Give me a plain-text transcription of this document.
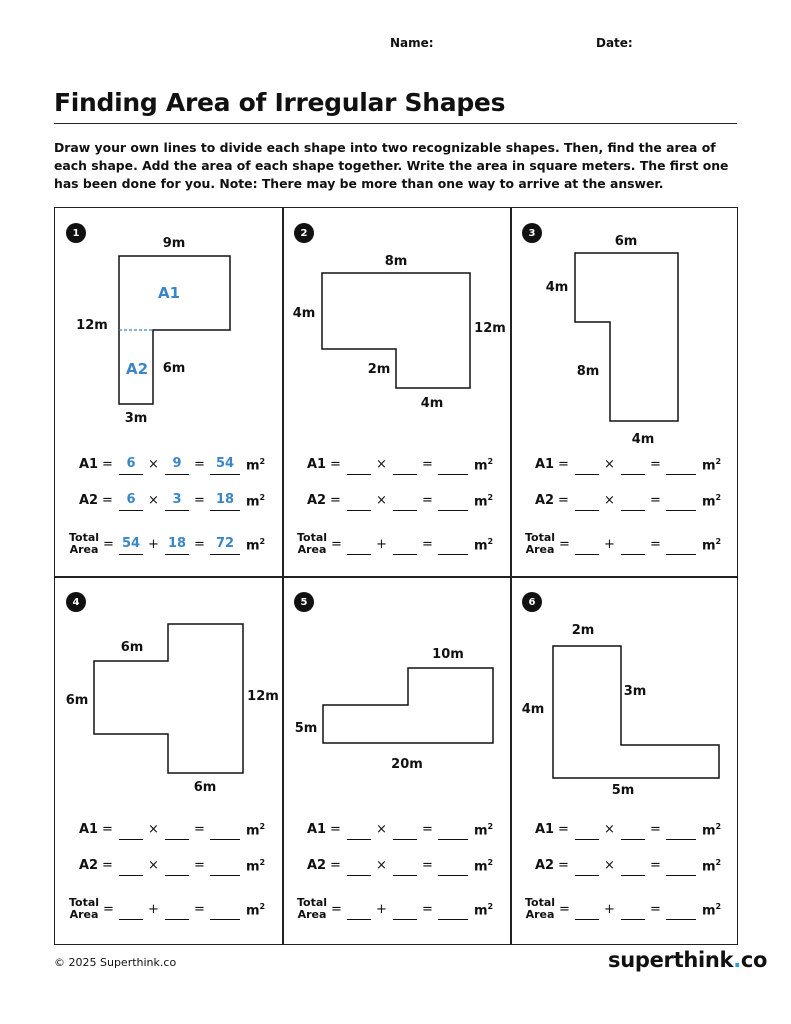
Name:	Date:
Finding Area of Irregular Shapes
Draw your own lines to divide each shape into two recognizable shapes. Then, find the area of each shape. Add the area of each shape together. Write the area in square meters. The first one has been done for you. Note: There may be more than one way to arrive at the answer.
1
9m
12m
6m
3m
A1
A2
A1 =	6 ×	9 = 54 $m^2$
A2 =	6 ×	3 = 18 $m^2$
Total
Area = 54 + 18 = 72 $m^2$
2
8m
4m
12m
2m
4m
A1 =	×	=	$m^2$
A2 =	×	=	$m^2$
Total
Area =	+	=	$m^2$
3
6m
4m
8m
4m
A1 =	×	=	$m^2$
A2 =	×	=	$m^2$
Total
Area =	+	=	$m^2$
4
6m
6m	12m
6m
A1 =	×	=	$m^2$
A2 =	×	=	$m^2$
Total
Area =	+	=	$m^2$
5
10m
5m
20m
A1 =	×	=	$m^2$
A2 =	×	=	$m^2$
Total
Area =	+	=	$m^2$
6
2m
3m
4m
5m
A1 =	×	=	$m^2$
A2 =	×	=	$m^2$
Total
Area =	+	=	$m^2$
© 2025 Superthink.co	superthink.co
